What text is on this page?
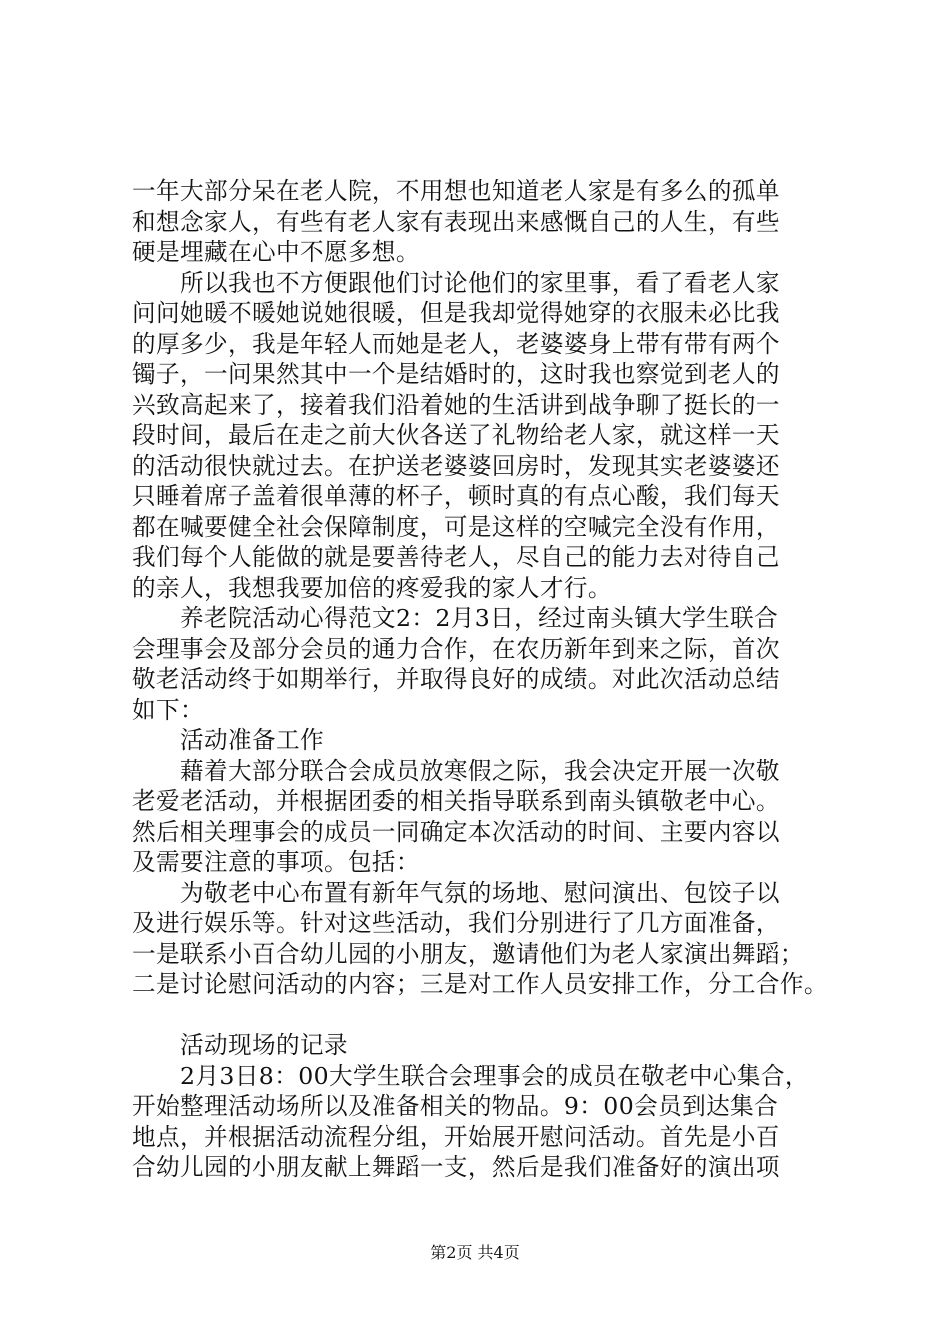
一年大部分呆在老人院，不用想也知道老人家是有多么的孤单
和想念家人，有些有老人家有表现出来感慨自己的人生，有些
硬是埋藏在心中不愿多想。
所以我也不方便跟他们讨论他们的家里事，看了看老人家
问问她暖不暖她说她很暖，但是我却觉得她穿的衣服未必比我
的厚多少，我是年轻人而她是老人，老婆婆身上带有带有两个
镯子，一问果然其中一个是结婚时的，这时我也察觉到老人的
兴致高起来了，接着我们沿着她的生活讲到战争聊了挺长的一
段时间，最后在走之前大伙各送了礼物给老人家，就这样一天
的活动很快就过去。在护送老婆婆回房时，发现其实老婆婆还
只睡着席子盖着很单薄的杯子，顿时真的有点心酸，我们每天
都在喊要健全社会保障制度，可是这样的空喊完全没有作用，
我们每个人能做的就是要善待老人，尽自己的能力去对待自己
的亲人，我想我要加倍的疼爱我的家人才行。
养老院活动心得范文2：2月3日，经过南头镇大学生联合
会理事会及部分会员的通力合作，在农历新年到来之际，首次
敬老活动终于如期举行，并取得良好的成绩。对此次活动总结
如下：
活动准备工作
藉着大部分联合会成员放寒假之际，我会决定开展一次敬
老爱老活动，并根据团委的相关指导联系到南头镇敬老中心。
然后相关理事会的成员一同确定本次活动的时间、主要内容以
及需要注意的事项。包括：
为敬老中心布置有新年气氛的场地、慰问演出、包饺子以
及进行娱乐等。针对这些活动，我们分别进行了几方面准备，
一是联系小百合幼儿园的小朋友，邀请他们为老人家演出舞蹈；
二是讨论慰问活动的内容；三是对工作人员安排工作，分工合作。
活动现场的记录
2月3日8：00大学生联合会理事会的成员在敬老中心集合，
开始整理活动场所以及准备相关的物品。9：00会员到达集合
地点，并根据活动流程分组，开始展开慰问活动。首先是小百
合幼儿园的小朋友献上舞蹈一支，然后是我们准备好的演出项
第2页 共4页
